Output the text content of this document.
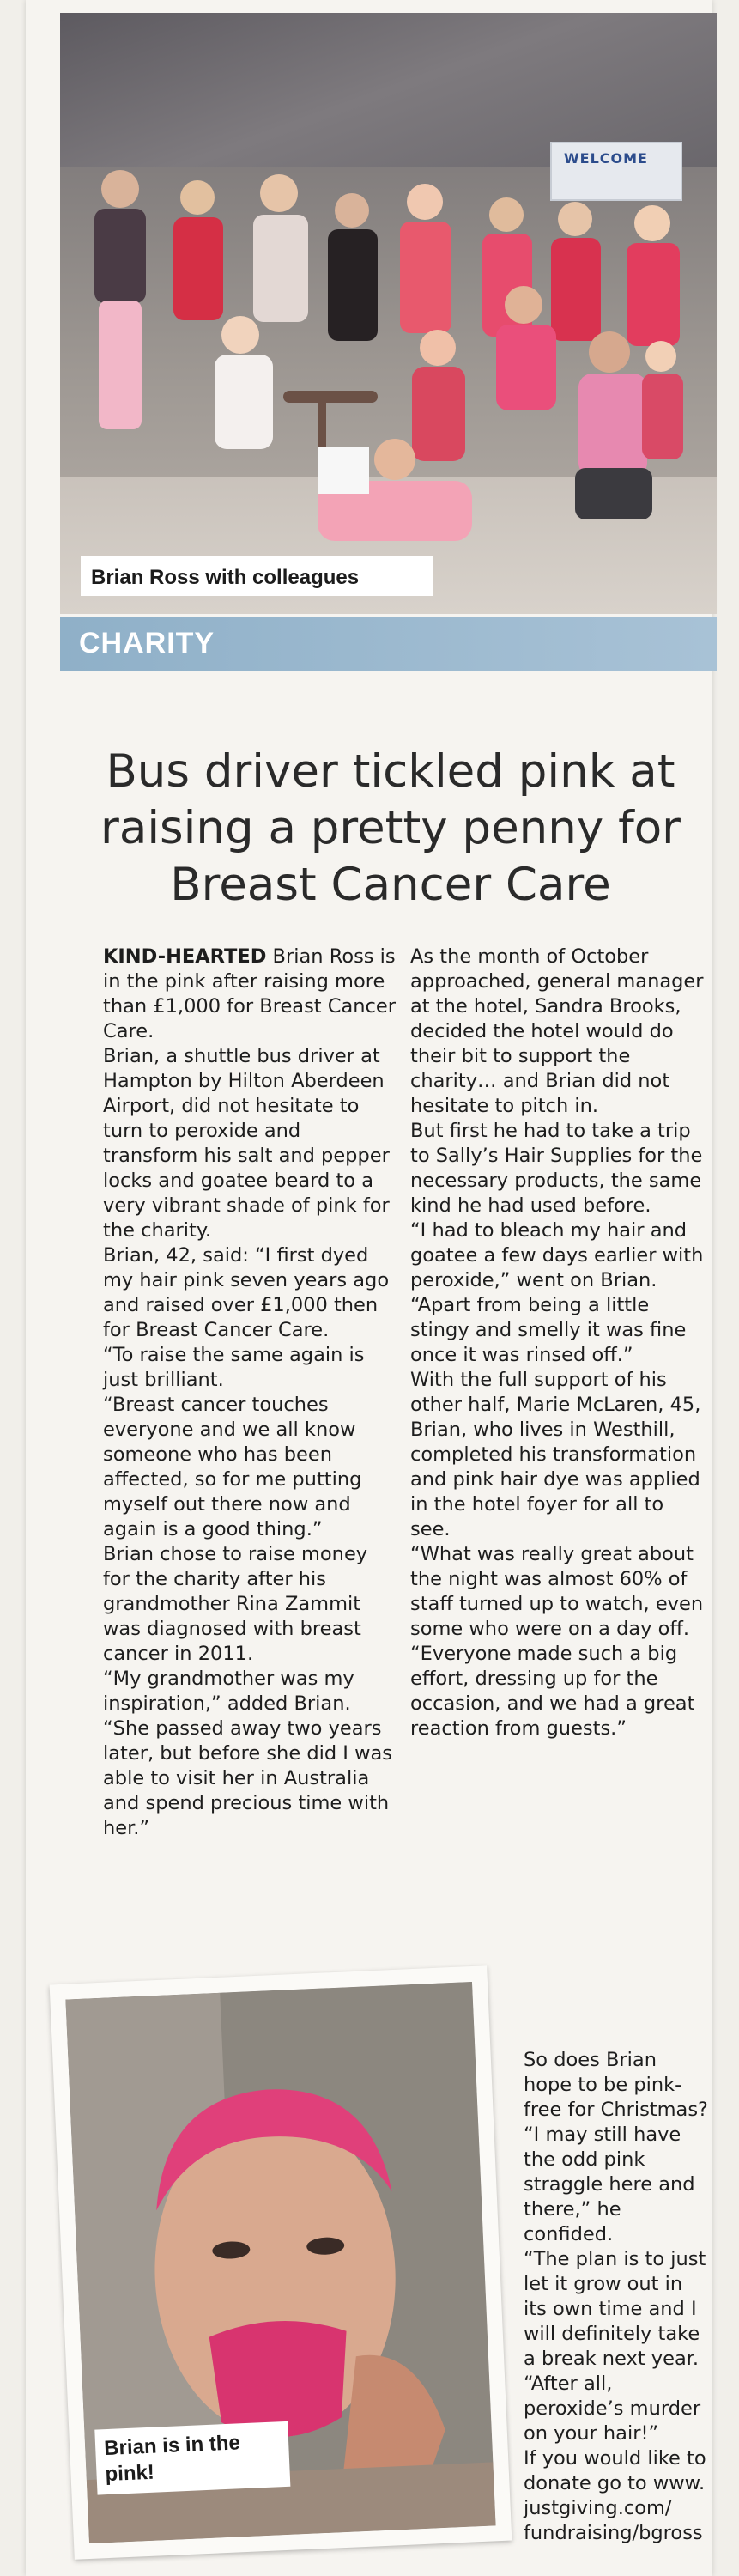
WELCOME
Brian Ross with colleagues
CHARITY
Bus driver tickled pink at raising a pretty penny for Breast Cancer Care

KIND-HEARTED Brian Ross is in the pink after raising more than £1,000 for Breast Cancer Care.

Brian, a shuttle bus driver at Hampton by Hilton Aberdeen Airport, did not hesitate to turn to peroxide and transform his salt and pepper locks and goatee beard to a very vibrant shade of pink for the charity.

Brian, 42, said: “I first dyed my hair pink seven years ago and raised over £1,000 then for Breast Cancer Care.

“To raise the same again is just brilliant.

“Breast cancer touches everyone and we all know someone who has been affected, so for me putting myself out there now and again is a good thing.”

Brian chose to raise money for the charity after his grandmother Rina Zammit was diagnosed with breast cancer in 2011.

“My grandmother was my inspiration,” added Brian.

“She passed away two years later, but before she did I was able to visit her in Australia and spend precious time with her.”

As the month of October approached, general manager at the hotel, Sandra Brooks, decided the hotel would do their bit to support the charity… and Brian did not hesitate to pitch in.

But first he had to take a trip to Sally’s Hair Supplies for the necessary products, the same kind he had used before.

“I had to bleach my hair and goatee a few days earlier with peroxide,” went on Brian.

“Apart from being a little stingy and smelly it was fine once it was rinsed off.”

With the full support of his other half, Marie McLaren, 45, Brian, who lives in Westhill, completed his transformation and pink hair dye was applied in the hotel foyer for all to see.

“What was really great about the night was almost 60% of staff turned up to watch, even some who were on a day off.

“Everyone made such a big effort, dressing up for the occasion, and we had a great reaction from guests.”

So does Brian hope to be pink-free for Christmas?

“I may still have the odd pink straggle here and there,” he confided.

“The plan is to just let it grow out in its own time and I will definitely take a break next year.

“After all, peroxide’s murder on your hair!”

If you would like to donate go to www. justgiving.com/ fundraising/bgross

Brian is in the pink!
